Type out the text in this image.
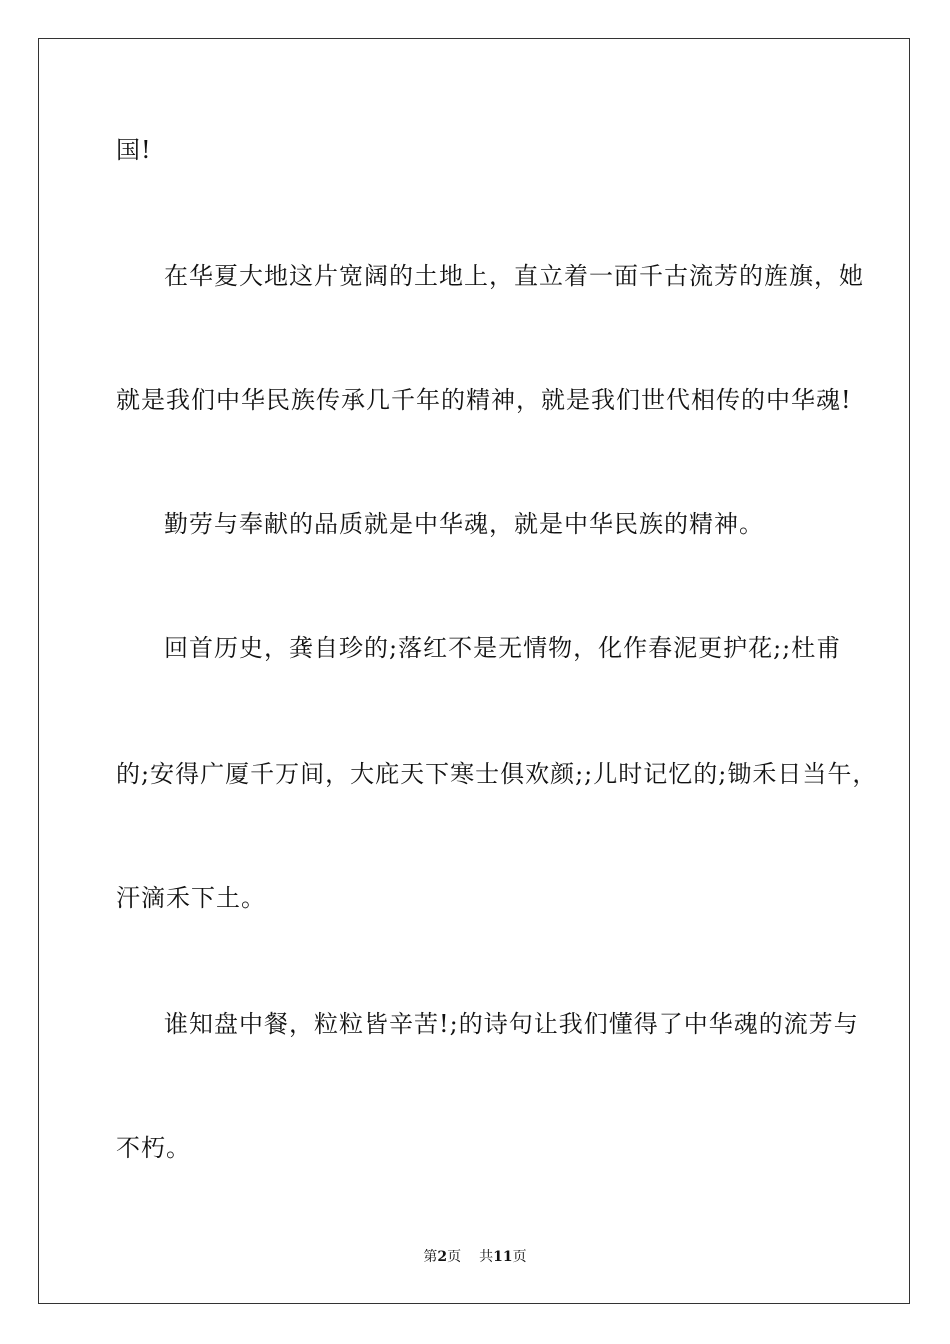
国!
在华夏大地这片宽阔的土地上，直立着一面千古流芳的旌旗，她
就是我们中华民族传承几千年的精神，就是我们世代相传的中华魂!
勤劳与奉献的品质就是中华魂，就是中华民族的精神。
回首历史，龚自珍的;落红不是无情物，化作春泥更护花;;杜甫
的;安得广厦千万间，大庇天下寒士俱欢颜;;儿时记忆的;锄禾日当午，
汗滴禾下土。
谁知盘中餐，粒粒皆辛苦!;的诗句让我们懂得了中华魂的流芳与
不朽。
第2页 共11页
